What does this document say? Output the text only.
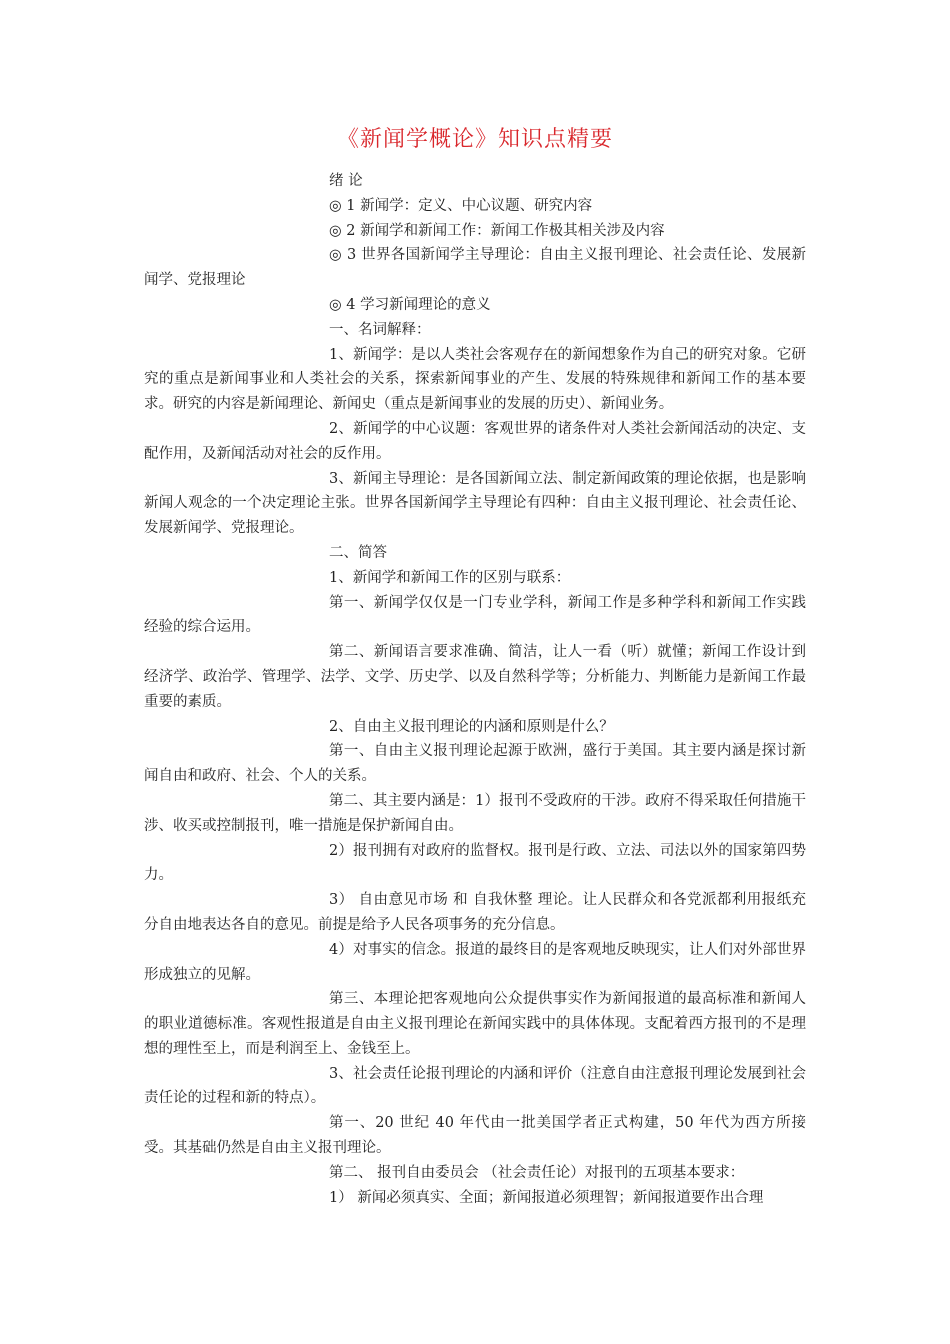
《新闻学概论》知识点精要

绪 论

◎ 1 新闻学：定义、中心议题、研究内容

◎ 2 新闻学和新闻工作：新闻工作极其相关涉及内容

◎ 3 世界各国新闻学主导理论：自由主义报刊理论、社会责任论、发展新闻学、党报理论

◎ 4 学习新闻理论的意义

一、名词解释：

1、新闻学：是以人类社会客观存在的新闻想象作为自己的研究对象。它研究的重点是新闻事业和人类社会的关系，探索新闻事业的产生、发展的特殊规律和新闻工作的基本要求。研究的内容是新闻理论、新闻史（重点是新闻事业的发展的历史）、新闻业务。

2、新闻学的中心议题：客观世界的诸条件对人类社会新闻活动的决定、支配作用，及新闻活动对社会的反作用。

3、新闻主导理论：是各国新闻立法、制定新闻政策的理论依据，也是影响新闻人观念的一个决定理论主张。世界各国新闻学主导理论有四种：自由主义报刊理论、社会责任论、发展新闻学、党报理论。

二、简答

1、新闻学和新闻工作的区别与联系：

第一、新闻学仅仅是一门专业学科，新闻工作是多种学科和新闻工作实践经验的综合运用。

第二、新闻语言要求准确、简洁，让人一看（听）就懂；新闻工作设计到经济学、政治学、管理学、法学、文学、历史学、以及自然科学等；分析能力、判断能力是新闻工作最重要的素质。

2、自由主义报刊理论的内涵和原则是什么？

第一、自由主义报刊理论起源于欧洲，盛行于美国。其主要内涵是探讨新闻自由和政府、社会、个人的关系。

第二、其主要内涵是：1）报刊不受政府的干涉。政府不得采取任何措施干涉、收买或控制报刊，唯一措施是保护新闻自由。

2）报刊拥有对政府的监督权。报刊是行政、立法、司法以外的国家第四势力。

3） 自由意见市场 和 自我休整 理论。让人民群众和各党派都利用报纸充分自由地表达各自的意见。前提是给予人民各项事务的充分信息。

4）对事实的信念。报道的最终目的是客观地反映现实，让人们对外部世界形成独立的见解。

第三、本理论把客观地向公众提供事实作为新闻报道的最高标准和新闻人的职业道德标准。客观性报道是自由主义报刊理论在新闻实践中的具体体现。支配着西方报刊的不是理想的理性至上，而是利润至上、金钱至上。

3、社会责任论报刊理论的内涵和评价（注意自由注意报刊理论发展到社会责任论的过程和新的特点）。

第一、20 世纪 40 年代由一批美国学者正式构建，50 年代为西方所接受。其基础仍然是自由主义报刊理论。

第二、 报刊自由委员会 （社会责任论）对报刊的五项基本要求：

1） 新闻必须真实、全面；新闻报道必须理智；新闻报道要作出合理
